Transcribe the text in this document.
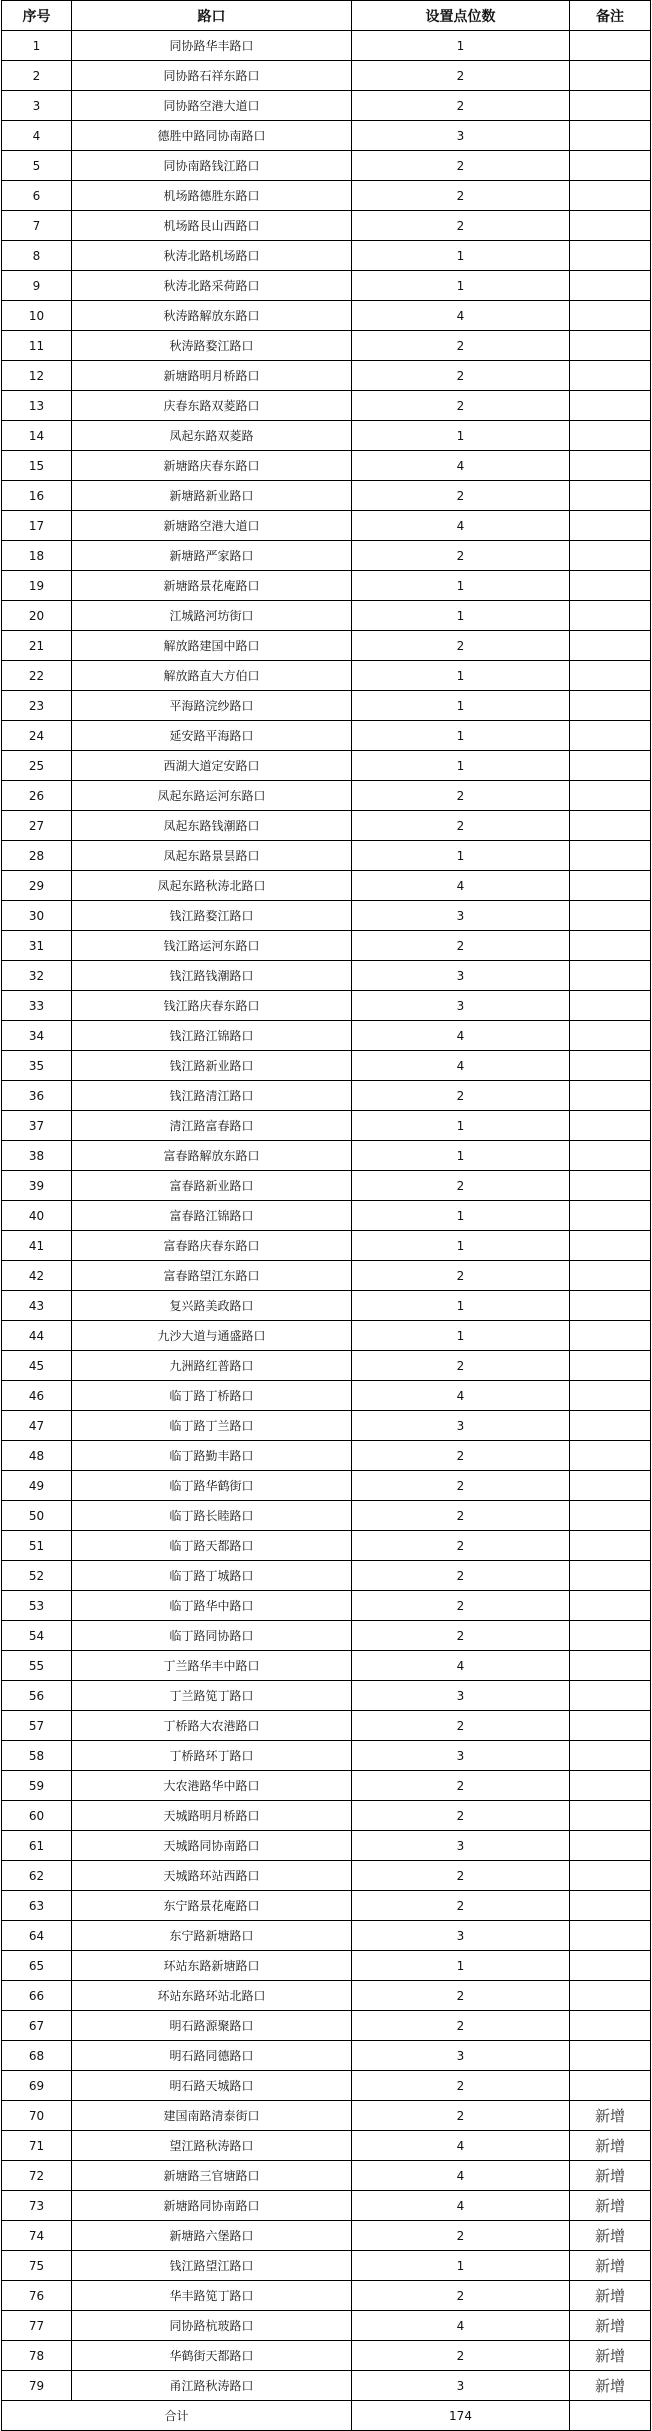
序号	路口	设置点位数	备注
1	同协路华丰路口	1	
2	同协路石祥东路口	2	
3	同协路空港大道口	2	
4	德胜中路同协南路口	3	
5	同协南路钱江路口	2	
6	机场路德胜东路口	2	
7	机场路艮山西路口	2	
8	秋涛北路机场路口	1	
9	秋涛北路采荷路口	1	
10	秋涛路解放东路口	4	
11	秋涛路婺江路口	2	
12	新塘路明月桥路口	2	
13	庆春东路双菱路口	2	
14	凤起东路双菱路	1	
15	新塘路庆春东路口	4	
16	新塘路新业路口	2	
17	新塘路空港大道口	4	
18	新塘路严家路口	2	
19	新塘路景花庵路口	1	
20	江城路河坊街口	1	
21	解放路建国中路口	2	
22	解放路直大方伯口	1	
23	平海路浣纱路口	1	
24	延安路平海路口	1	
25	西湖大道定安路口	1	
26	凤起东路运河东路口	2	
27	凤起东路钱潮路口	2	
28	凤起东路景昙路口	1	
29	凤起东路秋涛北路口	4	
30	钱江路婺江路口	3	
31	钱江路运河东路口	2	
32	钱江路钱潮路口	3	
33	钱江路庆春东路口	3	
34	钱江路江锦路口	4	
35	钱江路新业路口	4	
36	钱江路清江路口	2	
37	清江路富春路口	1	
38	富春路解放东路口	1	
39	富春路新业路口	2	
40	富春路江锦路口	1	
41	富春路庆春东路口	1	
42	富春路望江东路口	2	
43	复兴路美政路口	1	
44	九沙大道与通盛路口	1	
45	九洲路红普路口	2	
46	临丁路丁桥路口	4	
47	临丁路丁兰路口	3	
48	临丁路勤丰路口	2	
49	临丁路华鹤街口	2	
50	临丁路长睦路口	2	
51	临丁路天都路口	2	
52	临丁路丁城路口	2	
53	临丁路华中路口	2	
54	临丁路同协路口	2	
55	丁兰路华丰中路口	4	
56	丁兰路笕丁路口	3	
57	丁桥路大农港路口	2	
58	丁桥路环丁路口	3	
59	大农港路华中路口	2	
60	天城路明月桥路口	2	
61	天城路同协南路口	3	
62	天城路环站西路口	2	
63	东宁路景花庵路口	2	
64	东宁路新塘路口	3	
65	环站东路新塘路口	1	
66	环站东路环站北路口	2	
67	明石路源聚路口	2	
68	明石路同德路口	3	
69	明石路天城路口	2	
70	建国南路清泰街口	2	新增
71	望江路秋涛路口	4	新增
72	新塘路三官塘路口	4	新增
73	新塘路同协南路口	4	新增
74	新塘路六堡路口	2	新增
75	钱江路望江路口	1	新增
76	华丰路笕丁路口	2	新增
77	同协路杭玻路口	4	新增
78	华鹤街天都路口	2	新增
79	甬江路秋涛路口	3	新增
合计		174	
